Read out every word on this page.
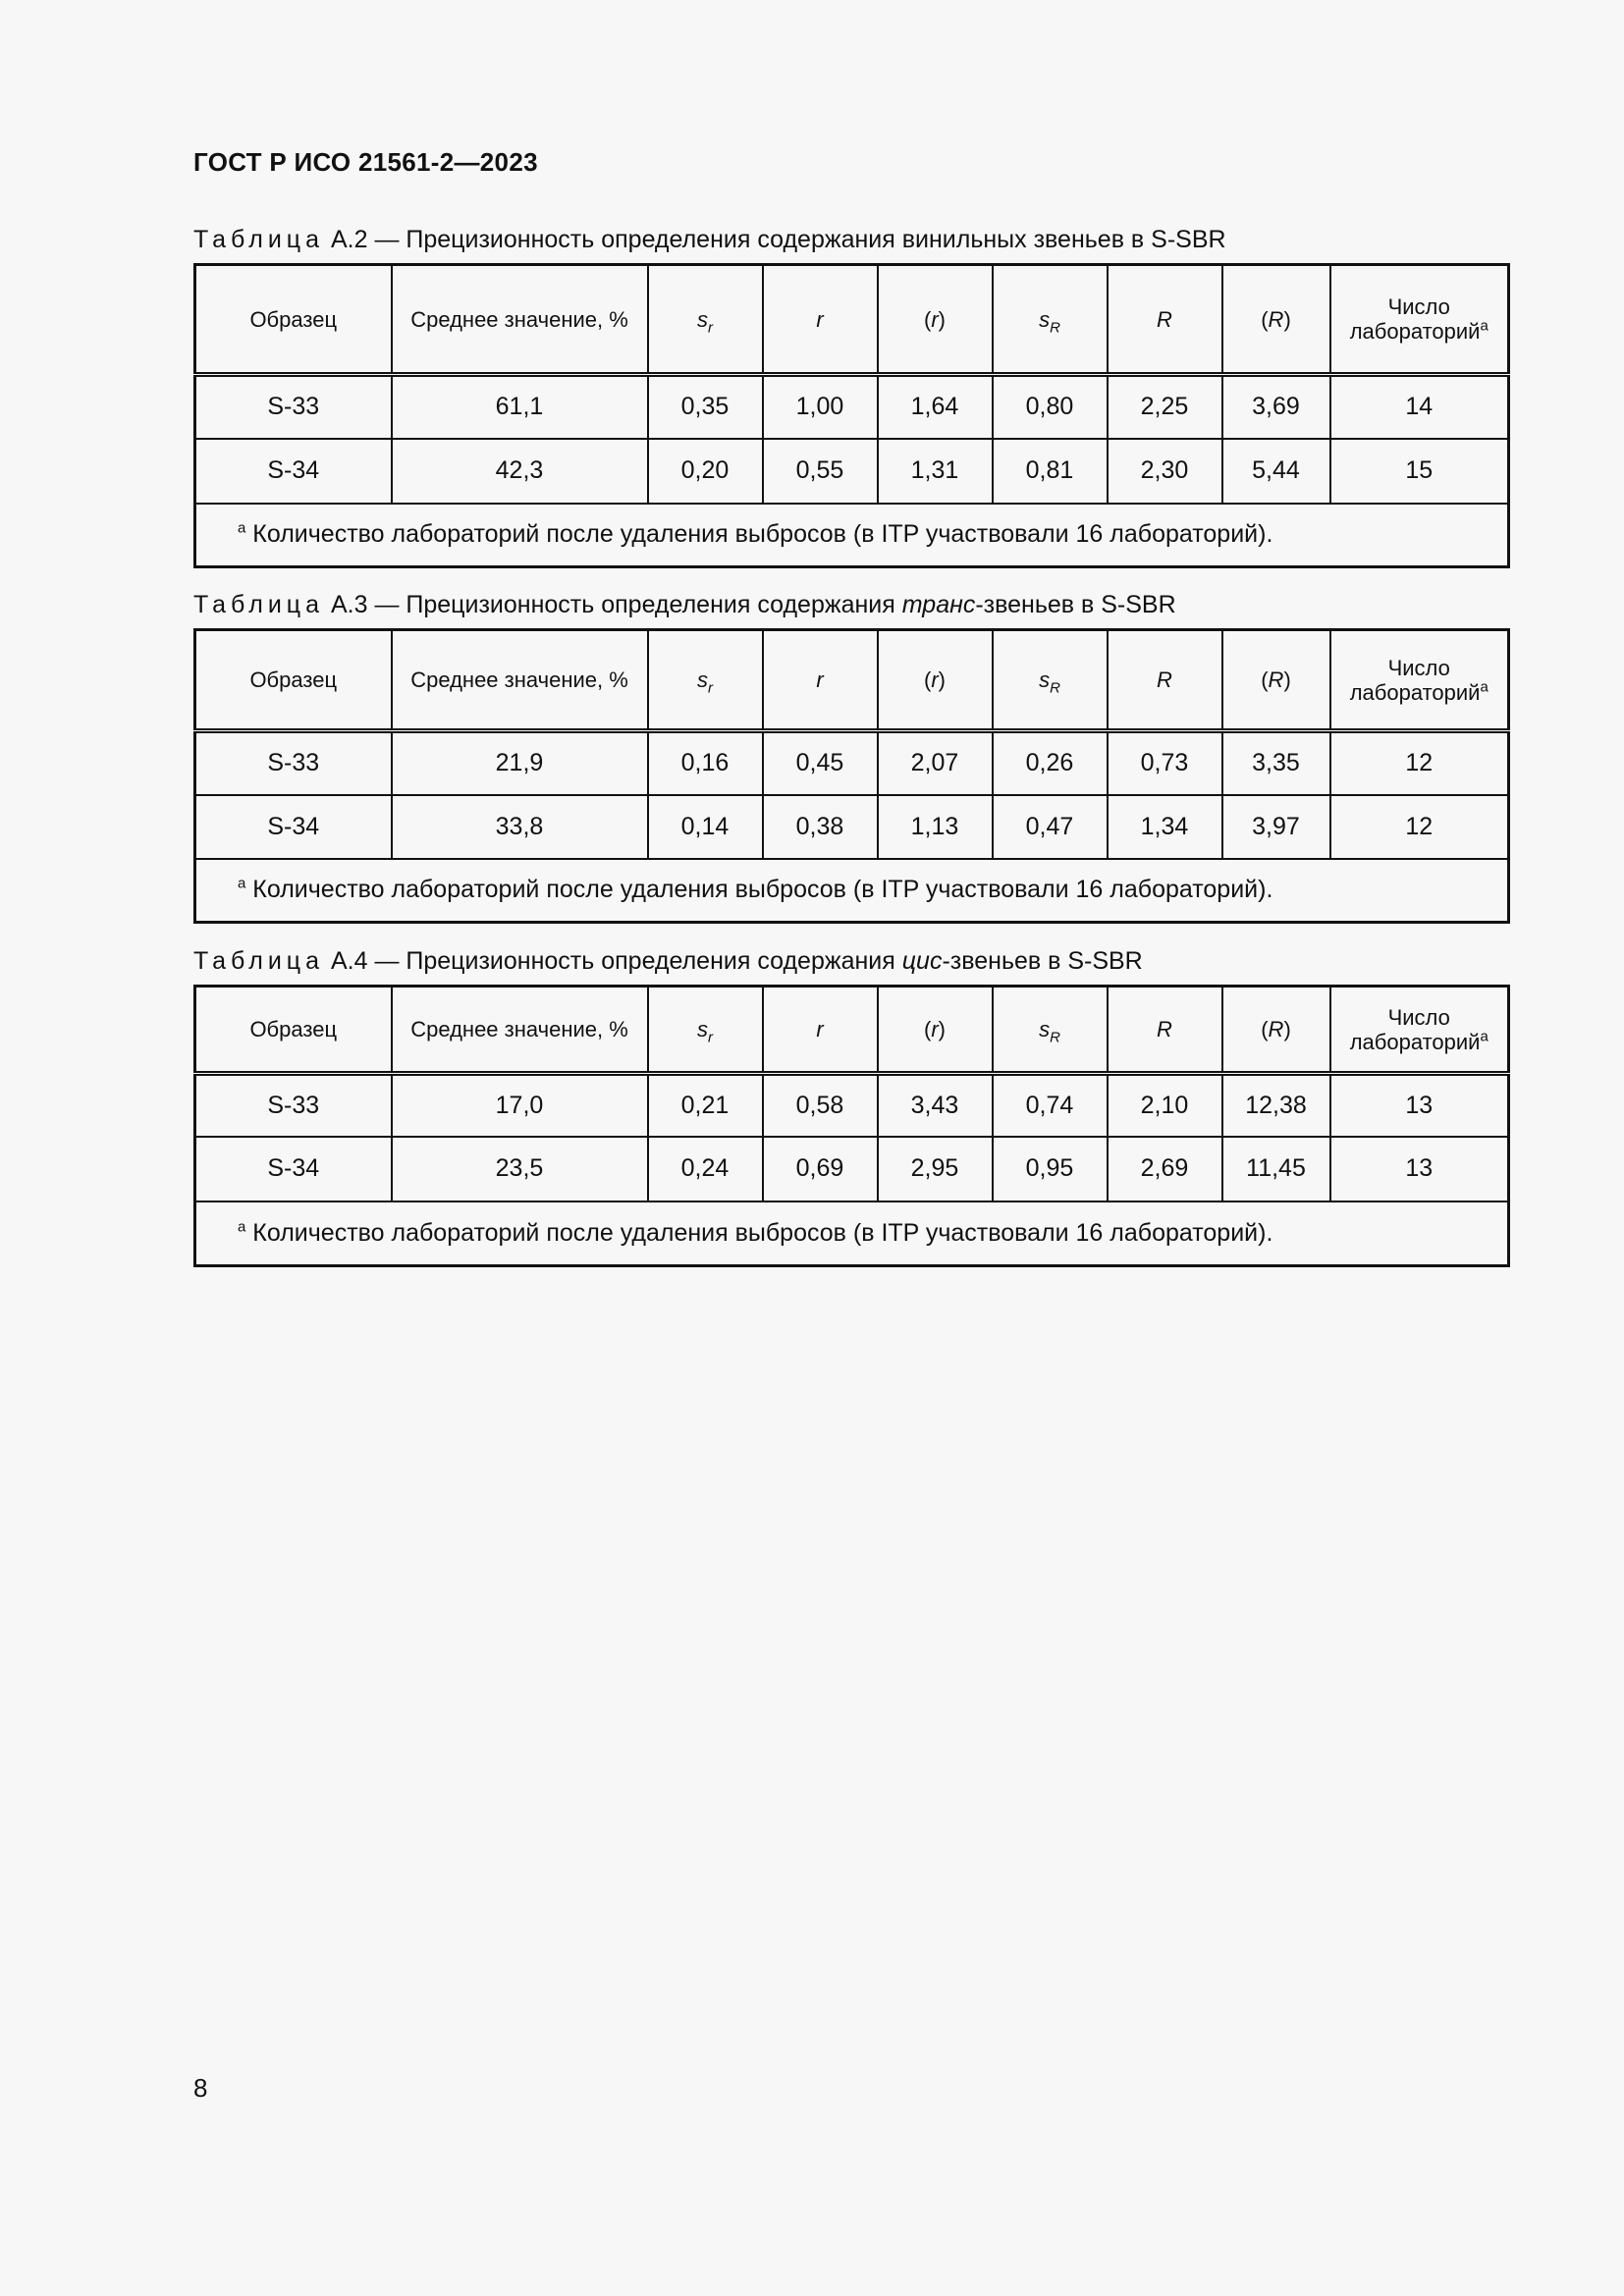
ГОСТ Р ИСО 21561-2—2023
Таблица А.2 — Прецизионность определения содержания винильных звеньев в S-SBR
Образец	Среднее значение, %	$s_r$	r	(r)	$s_R$	R	(R)	Число лабораторий$^a$
S-33	61,1	0,35	1,00	1,64	0,80	2,25	3,69	14
S-34	42,3	0,20	0,55	1,31	0,81	2,30	5,44	15
$^a$ Количество лабораторий после удаления выбросов (в ITP участвовали 16 лабораторий).								
Таблица А.3 — Прецизионность определения содержания транс-звеньев в S-SBR
Образец	Среднее значение, %	$s_r$	r	(r)	$s_R$	R	(R)	Число лабораторий$^a$
S-33	21,9	0,16	0,45	2,07	0,26	0,73	3,35	12
S-34	33,8	0,14	0,38	1,13	0,47	1,34	3,97	12
$^a$ Количество лабораторий после удаления выбросов (в ITP участвовали 16 лабораторий).								
Таблица А.4 — Прецизионность определения содержания цис-звеньев в S-SBR
Образец	Среднее значение, %	$s_r$	r	(r)	$s_R$	R	(R)	Число лабораторий$^a$
S-33	17,0	0,21	0,58	3,43	0,74	2,10	12,38	13
S-34	23,5	0,24	0,69	2,95	0,95	2,69	11,45	13
$^a$ Количество лабораторий после удаления выбросов (в ITP участвовали 16 лабораторий).								
8
